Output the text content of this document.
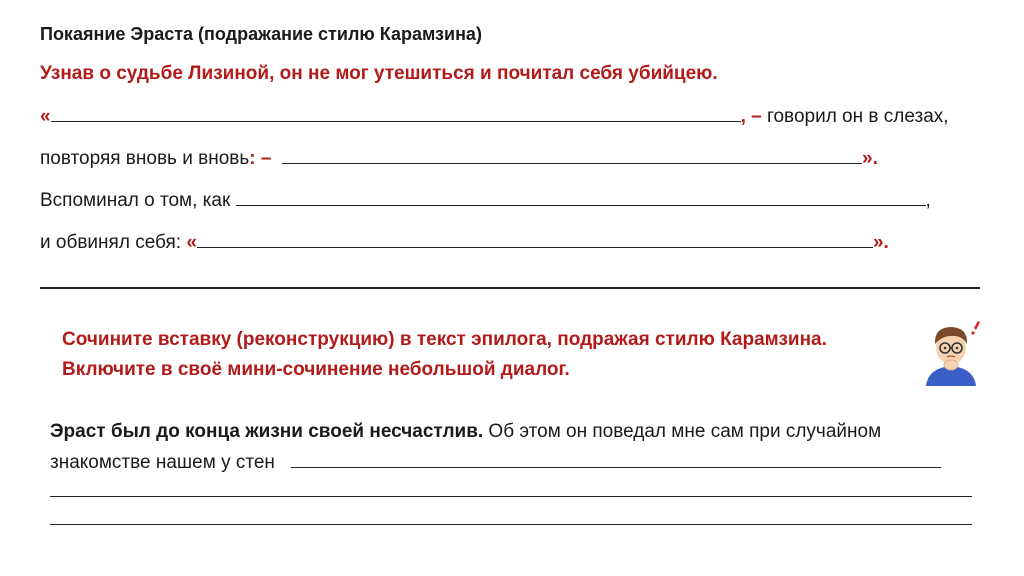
Покаяние Эраста (подражание стилю Карамзина)
Узнав о судьбе Лизиной, он не мог утешиться и почитал себя убийцею.
«	, – говорил он в слезах,
повторяя вновь и вновь: –	».
Вспоминал о том, как	,
и обвинял себя: «	».
Сочините вставку (реконструкцию) в текст эпилога, подражая стилю Карамзина.
Включите в своё мини-сочинение небольшой диалог.
Эраст был до конца жизни своей несчастлив. Об этом он поведал мне сам при случайном
знакомстве нашем у стен
